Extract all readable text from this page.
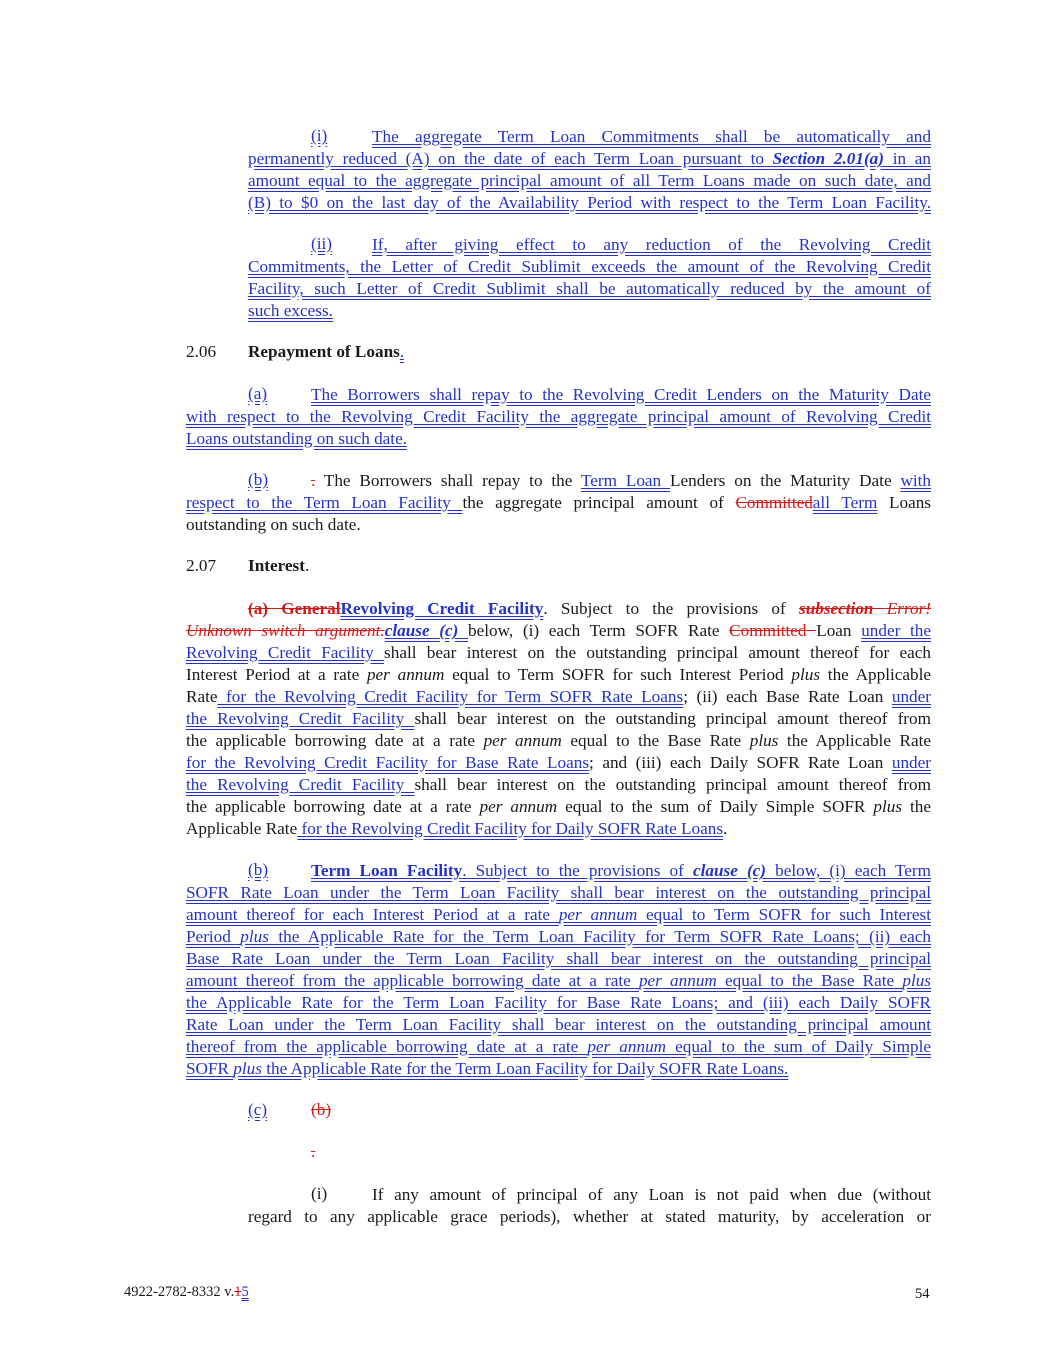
(i)	The aggregate Term Loan Commitments shall be automatically and
permanently reduced (A) on the date of each Term Loan pursuant to Section 2.01(a) in an
amount equal to the aggregate principal amount of all Term Loans made on such date, and
(B) to $0 on the last day of the Availability Period with respect to the Term Loan Facility.
(ii) If, after giving effect to any reduction of the Revolving Credit
Commitments, the Letter of Credit Sublimit exceeds the amount of the Revolving Credit
Facility, such Letter of Credit Sublimit shall be automatically reduced by the amount of
such excess.
2.06 Repayment of Loans.
(a)	The Borrowers shall repay to the Revolving Credit Lenders on the Maturity Date
with respect to the Revolving Credit Facility the aggregate principal amount of Revolving Credit
Loans outstanding on such date.
(b) . The Borrowers shall repay to the Term Loan Lenders on the Maturity Date with
respect to the Term Loan Facility the aggregate principal amount of Committedall Term Loans
outstanding on such date.
2.07 Interest.
(a) GeneralRevolving Credit Facility. Subject to the provisions of subsection Error!
Unknown switch argument.clause (c) below, (i) each Term SOFR Rate Committed Loan under the
Revolving Credit Facility shall bear interest on the outstanding principal amount thereof for each
Interest Period at a rate per annum equal to Term SOFR for such Interest Period plus the Applicable
Rate for the Revolving Credit Facility for Term SOFR Rate Loans; (ii) each Base Rate Loan under
the Revolving Credit Facility shall bear interest on the outstanding principal amount thereof from
the applicable borrowing date at a rate per annum equal to the Base Rate plus the Applicable Rate
for the Revolving Credit Facility for Base Rate Loans; and (iii) each Daily SOFR Rate Loan under
the Revolving Credit Facility shall bear interest on the outstanding principal amount thereof from
the applicable borrowing date at a rate per annum equal to the sum of Daily Simple SOFR plus the
Applicable Rate for the Revolving Credit Facility for Daily SOFR Rate Loans.
(b) Term Loan Facility. Subject to the provisions of clause (c) below, (i) each Term
SOFR Rate Loan under the Term Loan Facility shall bear interest on the outstanding principal
amount thereof for each Interest Period at a rate per annum equal to Term SOFR for such Interest
Period plus the Applicable Rate for the Term Loan Facility for Term SOFR Rate Loans; (ii) each
Base Rate Loan under the Term Loan Facility shall bear interest on the outstanding principal
amount thereof from the applicable borrowing date at a rate per annum equal to the Base Rate plus
the Applicable Rate for the Term Loan Facility for Base Rate Loans; and (iii) each Daily SOFR
Rate Loan under the Term Loan Facility shall bear interest on the outstanding principal amount
thereof from the applicable borrowing date at a rate per annum equal to the sum of Daily Simple
SOFR plus the Applicable Rate for the Term Loan Facility for Daily SOFR Rate Loans.
(c)	(b)
.
(i)	If any amount of principal of any Loan is not paid when due (without
regard to any applicable grace periods), whether at stated maturity, by acceleration or
4922-2782-8332 v.15	54
